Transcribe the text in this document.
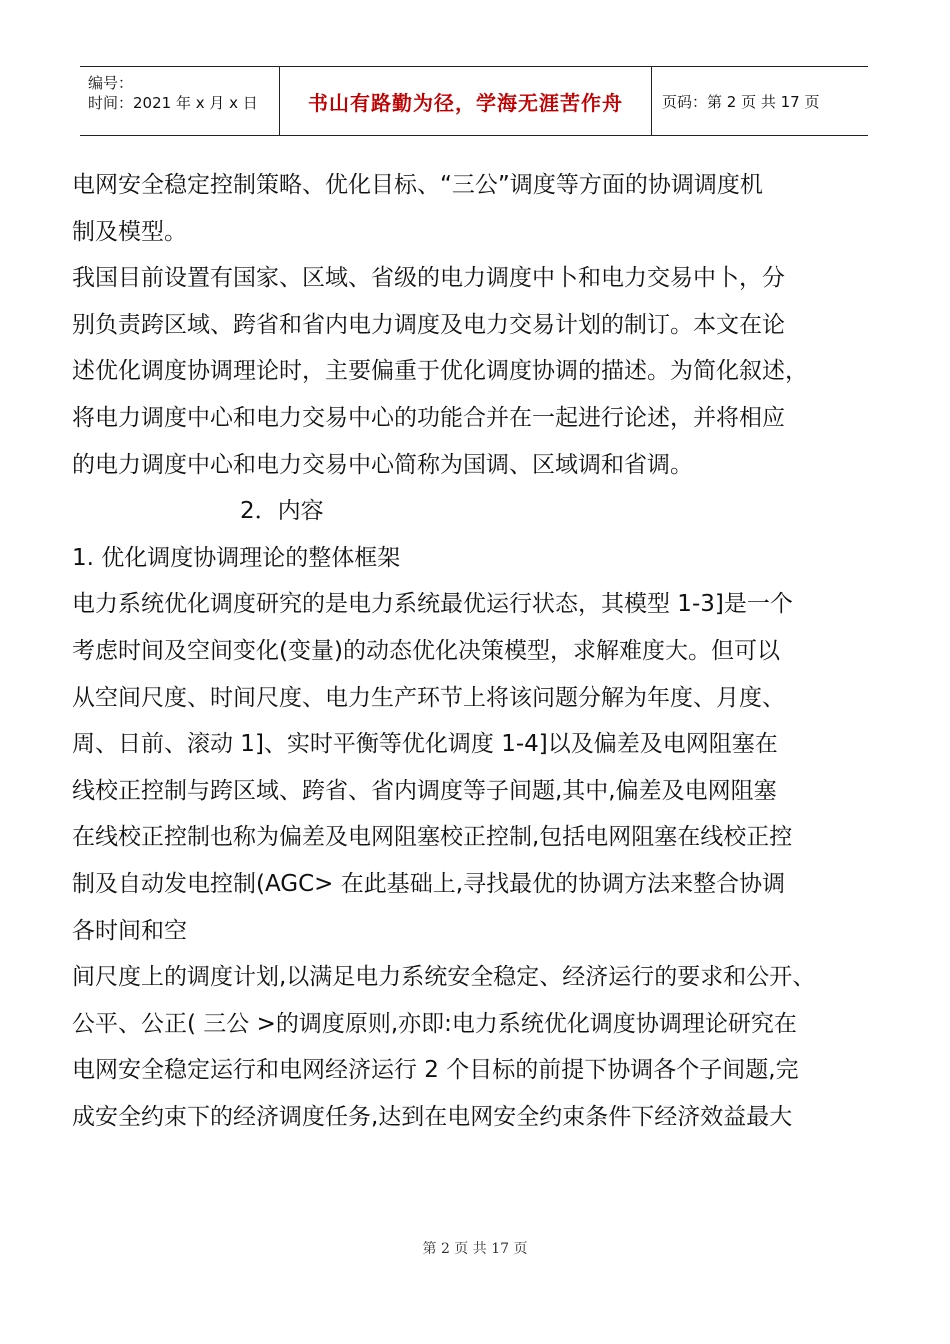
编号：
时间：2021 年 x 月 x 日	书山有路勤为径，学海无涯苦作舟	页码：第 2 页 共 17 页

电网安全稳定控制策略、优化目标、“三公”调度等方面的协调调度机

制及模型。

我国目前设置有国家、区域、省级的电力调度中卜和电力交易中卜，分

别负责跨区域、跨省和省内电力调度及电力交易计划的制订。本文在论

述优化调度协调理论时，主要偏重于优化调度协调的描述。为简化叙述，

将电力调度中心和电力交易中心的功能合并在一起进行论述，并将相应

的电力调度中心和电力交易中心简称为国调、区域调和省调。

2．内容

1. 优化调度协调理论的整体框架

电力系统优化调度研究的是电力系统最优运行状态，其模型 1-3]是一个

考虑时间及空间变化(变量)的动态优化决策模型，求解难度大。但可以

从空间尺度、时间尺度、电力生产环节上将该问题分解为年度、月度、

周、日前、滚动 1]、实时平衡等优化调度 1-4]以及偏差及电网阻塞在

线校正控制与跨区域、跨省、省内调度等子间题,其中,偏差及电网阻塞

在线校正控制也称为偏差及电网阻塞校正控制,包括电网阻塞在线校正控

制及自动发电控制(AGC> 在此基础上,寻找最优的协调方法来整合协调

各时间和空

间尺度上的调度计划,以满足电力系统安全稳定、经济运行的要求和公开、

公平、公正( 三公 >的调度原则,亦即:电力系统优化调度协调理论研究在

电网安全稳定运行和电网经济运行 2 个目标的前提下协调各个子间题,完

成安全约束下的经济调度任务,达到在电网安全约束条件下经济效益最大

第 2 页 共 17 页
